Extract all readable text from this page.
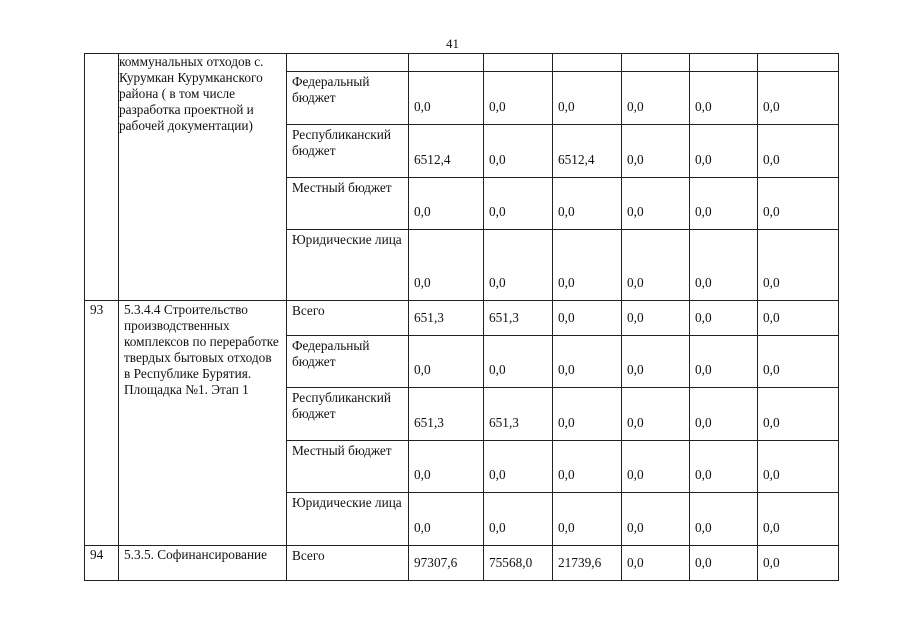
41
	коммунальных отходов с. Курумкан Курумканского района ( в том числе разработка проектной и рабочей документации)							
		Федеральный бюджет	0,0	0,0	0,0	0,0	0,0	0,0
		Республиканский бюджет	6512,4	0,0	6512,4	0,0	0,0	0,0
		Местный бюджет	0,0	0,0	0,0	0,0	0,0	0,0
		Юридические лица	0,0	0,0	0,0	0,0	0,0	0,0
93	5.3.4.4 Строительство производственных комплексов по переработке твердых бытовых отходов в Республике Бурятия. Площадка №1. Этап 1	Всего	651,3	651,3	0,0	0,0	0,0	0,0
		Федеральный бюджет	0,0	0,0	0,0	0,0	0,0	0,0
		Республиканский бюджет	651,3	651,3	0,0	0,0	0,0	0,0
		Местный бюджет	0,0	0,0	0,0	0,0	0,0	0,0
		Юридические лица	0,0	0,0	0,0	0,0	0,0	0,0
94	5.3.5. Софинансирование	Всего	97307,6	75568,0	21739,6	0,0	0,0	0,0
